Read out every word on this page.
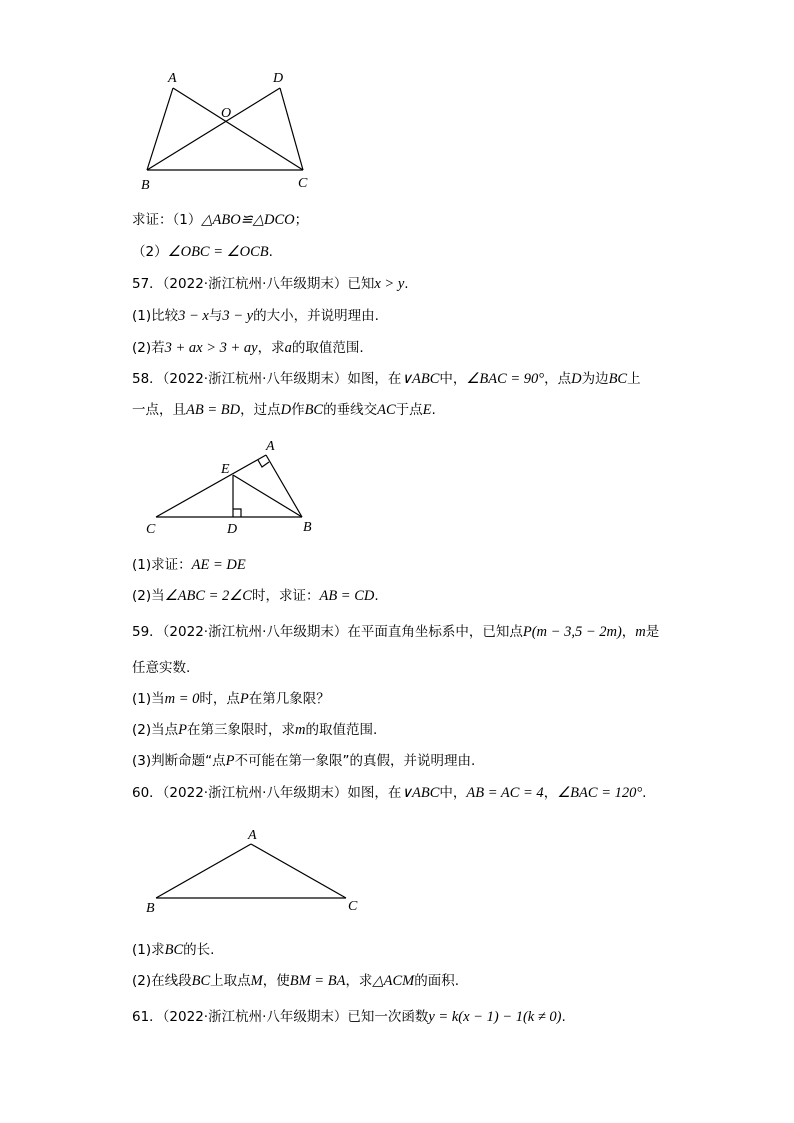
A	D
O
B	C
求证：（1）△ABO≌△DCO；
（2）∠OBC = ∠OCB.
57．（2022·浙江杭州·八年级期末）已知x > y.
(1)比较3 − x与3 − y的大小，并说明理由.
(2)若3 + ax > 3 + ay，求a的取值范围.
58．（2022·浙江杭州·八年级期末）如图，在∨ABC中，∠BAC = 90°，点D为边BC上
一点，且AB = BD，过点D作BC的垂线交AC于点E.
A
E
C	D	B
(1)求证：AE = DE
(2)当∠ABC = 2∠C时，求证：AB = CD.
59．（2022·浙江杭州·八年级期末）在平面直角坐标系中，已知点P(m − 3,5 − 2m)，m是
任意实数.
(1)当m = 0时，点P在第几象限？
(2)当点P在第三象限时，求m的取值范围.
(3)判断命题“点P不可能在第一象限”的真假，并说明理由.
60．（2022·浙江杭州·八年级期末）如图，在∨ABC中，AB = AC = 4，∠BAC = 120°.
A
B	C
(1)求BC的长.
(2)在线段BC上取点M，使BM = BA，求△ACM的面积.
61．（2022·浙江杭州·八年级期末）已知一次函数y = k(x − 1) − 1(k ≠ 0).
